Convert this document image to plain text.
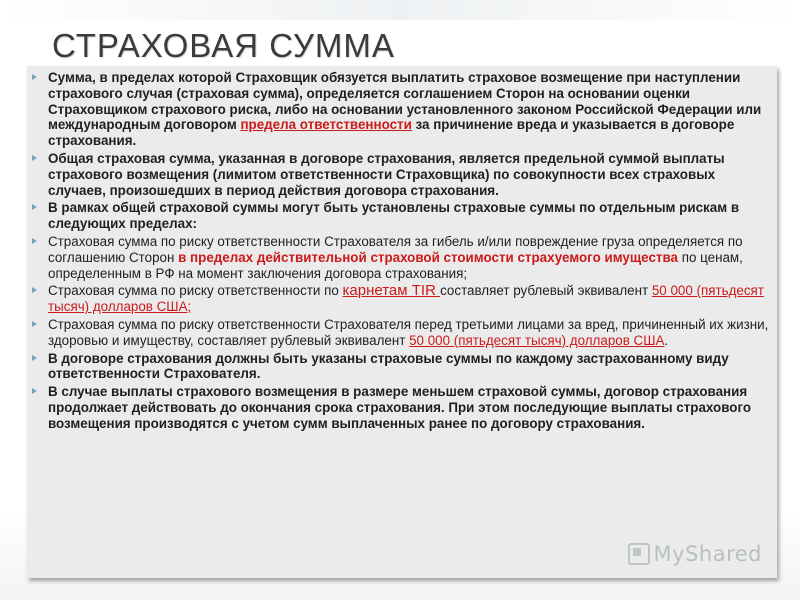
СТРАХОВАЯ СУММА
Сумма, в пределах которой Страховщик обязуется выплатить страховое возмещение при наступлении страхового случая (страховая сумма), определяется соглашением Сторон на основании оценки Страховщиком страхового риска, либо на основании установленного законом Российской Федерации или международным договором предела ответственности за причинение вреда и указывается в договоре страхования.
Общая страховая сумма, указанная в договоре страхования, является предельной суммой выплаты страхового возмещения (лимитом ответственности Страховщика) по совокупности всех страховых случаев, произошедших в период действия договора страхования.
В рамках общей страховой суммы могут быть установлены страховые суммы по отдельным рискам в следующих пределах:
Страховая сумма по риску ответственности Страхователя за гибель и/или повреждение груза определяется по соглашению Сторон в пределах действительной страховой стоимости страхуемого имущества по ценам, определенным в РФ на момент заключения договора страхования;
Страховая сумма по риску ответственности по карнетам TIR составляет рублевый эквивалент 50 000 (пятьдесят тысяч) долларов США;
Страховая сумма по риску ответственности Страхователя перед третьими лицами за вред, причиненный их жизни, здоровью и имуществу, составляет рублевый эквивалент 50 000 (пятьдесят тысяч) долларов США.
В договоре страхования должны быть указаны страховые суммы по каждому застрахованному виду ответственности Страхователя.
В случае выплаты страхового возмещения в размере меньшем страховой суммы, договор страхования продолжает действовать до окончания срока страхования. При этом последующие выплаты страхового возмещения производятся с учетом сумм выплаченных ранее по договору страхования.
MyShared
